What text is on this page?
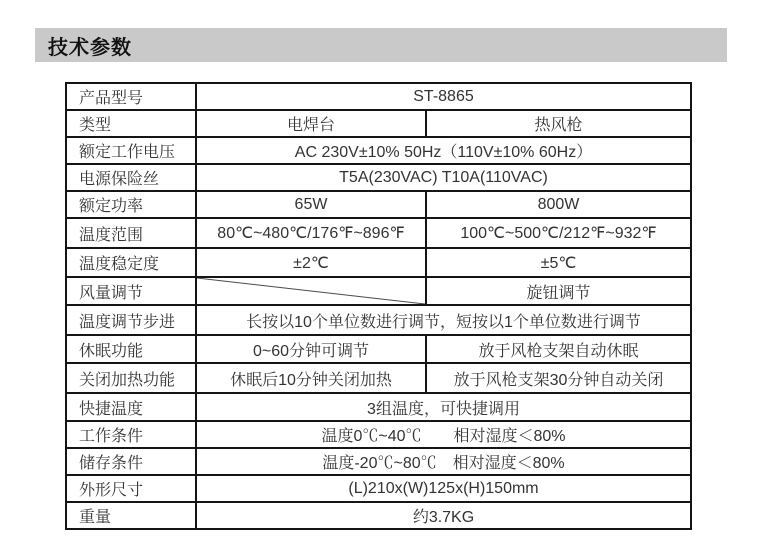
技术参数
产品型号	ST-8865	
类型	电焊台	热风枪
额定工作电压	AC 230V±10% 50Hz（110V±10% 60Hz）	
电源保险丝	T5A(230VAC) T10A(110VAC)	
额定功率	65W	800W
温度范围	80℃~480℃/176℉~896℉	100℃~500℃/212℉~932℉
温度稳定度	±2℃	±5℃
风量调节		旋钮调节
温度调节步进	长按以10个单位数进行调节，短按以1个单位数进行调节	
休眠功能	0~60分钟可调节	放于风枪支架自动休眠
关闭加热功能	休眠后10分钟关闭加热	放于风枪支架30分钟自动关闭
快捷温度	3组温度，可快捷调用	
工作条件	温度0℃~40℃　　相对湿度＜80%	
储存条件	温度-20℃~80℃　相对湿度＜80%	
外形尺寸	(L)210x(W)125x(H)150mm	
重量	约3.7KG	
